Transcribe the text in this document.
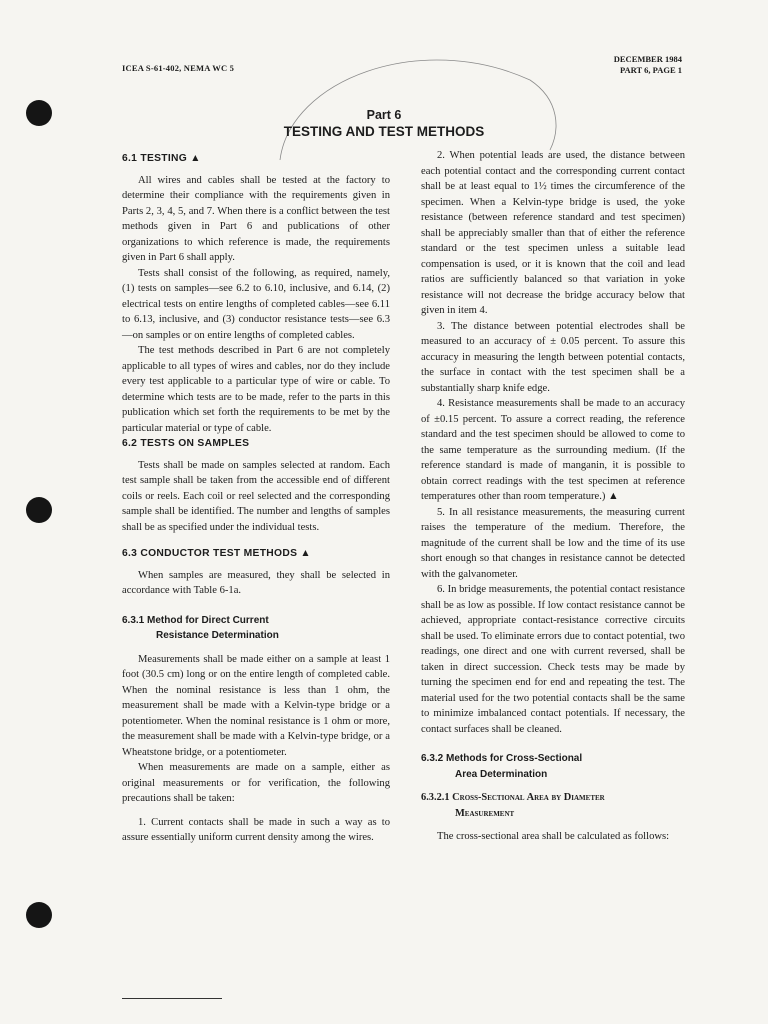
ICEA S-61-402, NEMA WC 5
DECEMBER 1984
PART 6, PAGE 1
Part 6
TESTING AND TEST METHODS
6.1 TESTING ▲

All wires and cables shall be tested at the factory to determine their compliance with the requirements given in Parts 2, 3, 4, 5, and 7. When there is a conflict between the test methods given in Part 6 and publications of other organizations to which reference is made, the requirements given in Part 6 shall apply.

Tests shall consist of the following, as required, namely, (1) tests on samples—see 6.2 to 6.10, inclusive, and 6.14, (2) electrical tests on entire lengths of completed cables—see 6.11 to 6.13, inclusive, and (3) conductor resistance tests—see 6.3—on samples or on entire lengths of completed cables.

The test methods described in Part 6 are not completely applicable to all types of wires and cables, nor do they include every test applicable to a particular type of wire or cable. To determine which tests are to be made, refer to the parts in this publication which set forth the requirements to be met by the particular material or type of cable.

6.2 TESTS ON SAMPLES

Tests shall be made on samples selected at random. Each test sample shall be taken from the accessible end of different coils or reels. Each coil or reel selected and the corresponding sample shall be identified. The number and lengths of samples shall be as specified under the individual tests.

6.3 CONDUCTOR TEST METHODS ▲

When samples are measured, they shall be selected in accordance with Table 6-1a.

6.3.1 Method for Direct Current
Resistance Determination

Measurements shall be made either on a sample at least 1 foot (30.5 cm) long or on the entire length of completed cable. When the nominal resistance is less than 1 ohm, the measurement shall be made with a Kelvin-type bridge or a potentiometer. When the nominal resistance is 1 ohm or more, the measurement shall be made with a Kelvin-type bridge, or a Wheatstone bridge, or a potentiometer.

When measurements are made on a sample, either as original measurements or for verification, the following precautions shall be taken:

1. Current contacts shall be made in such a way as to assure essentially uniform current density among the wires.

2. When potential leads are used, the distance between each potential contact and the corresponding current contact shall be at least equal to 1½ times the circumference of the specimen. When a Kelvin-type bridge is used, the yoke resistance (between reference standard and test specimen) shall be appreciably smaller than that of either the reference standard or the test specimen unless a suitable lead compensation is used, or it is known that the coil and lead ratios are sufficiently balanced so that variation in yoke resistance will not decrease the bridge accuracy below that given in item 4.

3. The distance between potential electrodes shall be measured to an accuracy of ± 0.05 percent. To assure this accuracy in measuring the length between potential contacts, the surface in contact with the test specimen shall be a substantially sharp knife edge.

4. Resistance measurements shall be made to an accuracy of ±0.15 percent. To assure a correct reading, the reference standard and the test specimen should be allowed to come to the same temperature as the surrounding medium. (If the reference standard is made of manganin, it is possible to obtain correct readings with the test specimen at reference temperatures other than room temperature.) ▲

5. In all resistance measurements, the measuring current raises the temperature of the medium. Therefore, the magnitude of the current shall be low and the time of its use short enough so that changes in resistance cannot be detected with the galvanometer.

6. In bridge measurements, the potential contact resistance shall be as low as possible. If low contact resistance cannot be achieved, appropriate contact-resistance corrective circuits shall be used. To eliminate errors due to contact potential, two readings, one direct and one with current reversed, shall be taken in direct succession. Check tests may be made by turning the specimen end for end and repeating the test. The material used for the two potential contacts shall be the same to minimize imbalanced contact potentials. If necessary, the contact surfaces shall be cleaned.

6.3.2 Methods for Cross-Sectional
Area Determination
6.3.2.1 Cross-Sectional Area by Diameter
Measurement

The cross-sectional area shall be calculated as follows:
